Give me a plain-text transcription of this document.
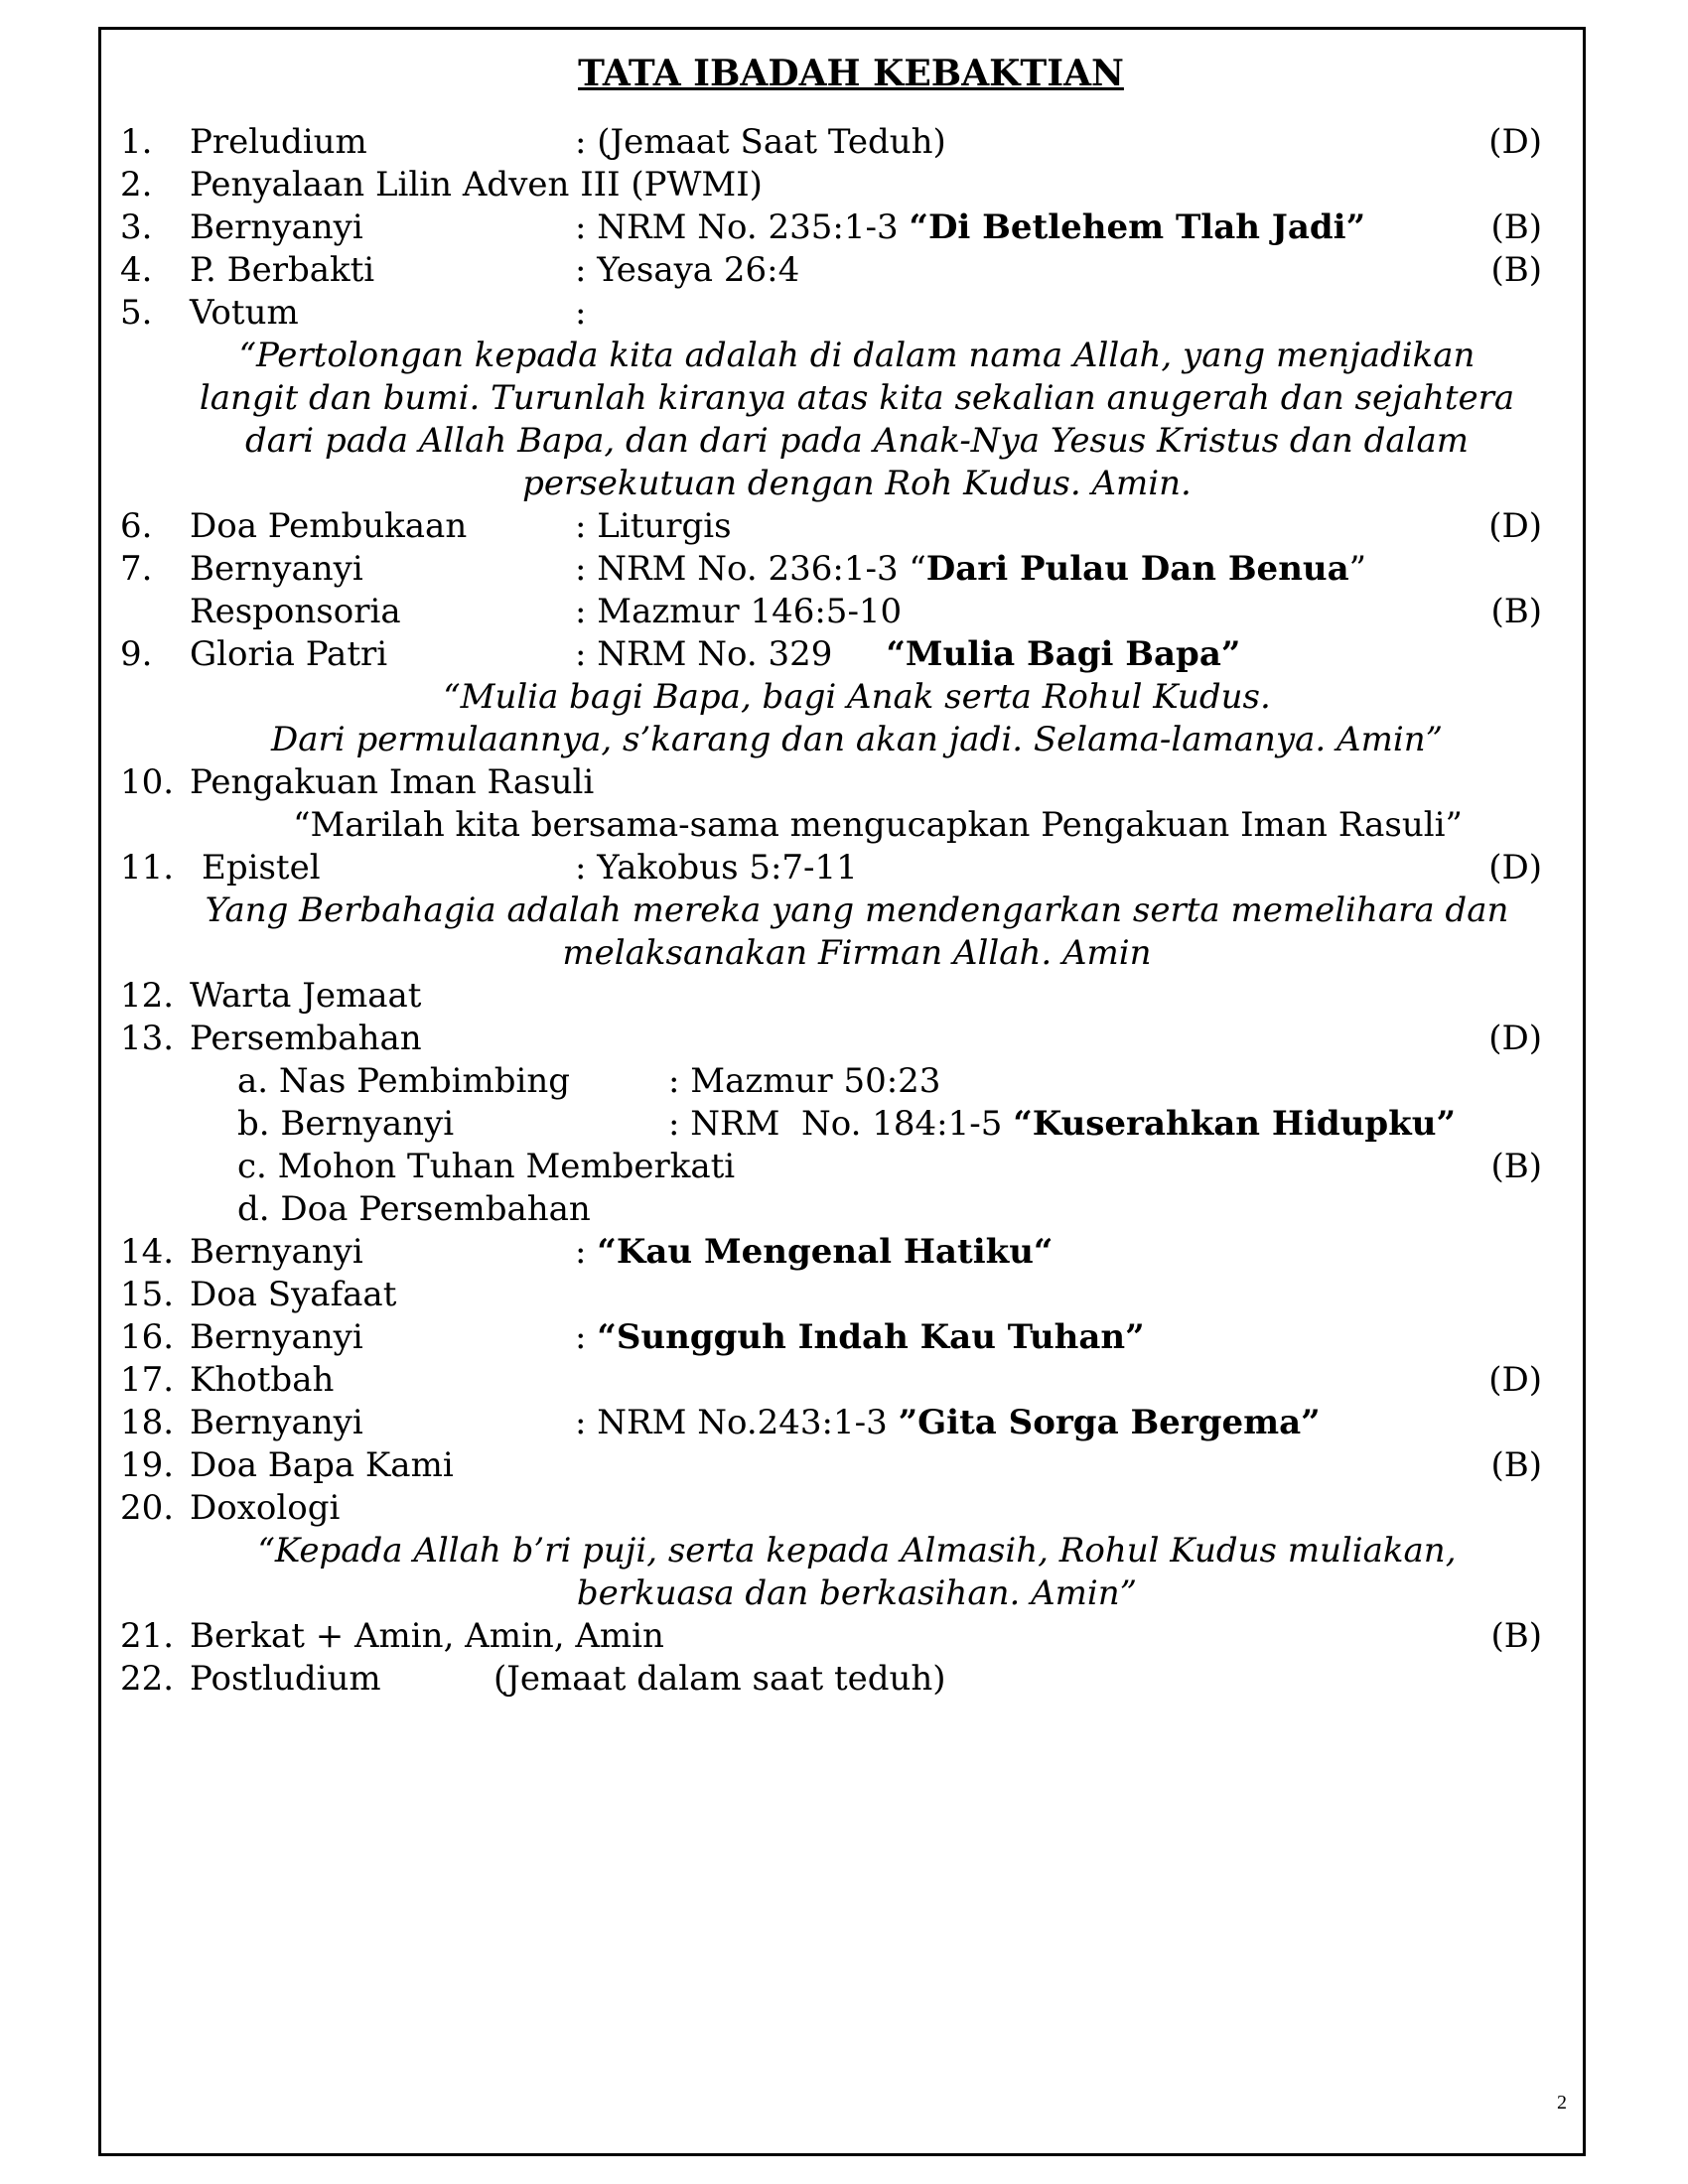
TATA IBADAH KEBAKTIAN
1. Preludium	: (Jemaat Saat Teduh)	(D)
2. Penyalaan Lilin Adven III (PWMI)
3. Bernyanyi	: NRM No. 235:1-3 “Di Betlehem Tlah Jadi”	(B)
4. P. Berbakti	: Yesaya 26:4	(B)
5. Votum	:
“Pertolongan kepada kita adalah di dalam nama Allah, yang menjadikan
langit dan bumi. Turunlah kiranya atas kita sekalian anugerah dan sejahtera
dari pada Allah Bapa, dan dari pada Anak-Nya Yesus Kristus dan dalam
persekutuan dengan Roh Kudus. Amin.
6. Doa Pembukaan	: Liturgis	(D)
7. Bernyanyi	: NRM No. 236:1-3 “Dari Pulau Dan Benua”
Responsoria	: Mazmur 146:5-10	(B)
9. Gloria Patri	: NRM No. 329 “Mulia Bagi Bapa”
“Mulia bagi Bapa, bagi Anak serta Rohul Kudus.
Dari permulaannya, s’karang dan akan jadi. Selama-lamanya. Amin”
10. Pengakuan Iman Rasuli
“Marilah kita bersama-sama mengucapkan Pengakuan Iman Rasuli”
11. Epistel	: Yakobus 5:7-11	(D)
Yang Berbahagia adalah mereka yang mendengarkan serta memelihara dan
melaksanakan Firman Allah. Amin
12. Warta Jemaat
13. Persembahan	(D)
a. Nas Pembimbing	: Mazmur 50:23
b. Bernyanyi	: NRM  No. 184:1-5 “Kuserahkan Hidupku”
c. Mohon Tuhan Memberkati	(B)
d. Doa Persembahan
14. Bernyanyi	: “Kau Mengenal Hatiku“
15. Doa Syafaat
16. Bernyanyi	: “Sungguh Indah Kau Tuhan”
17. Khotbah	(D)
18. Bernyanyi	: NRM No.243:1-3 ”Gita Sorga Bergema”
19. Doa Bapa Kami	(B)
20. Doxologi
“Kepada Allah b’ri puji, serta kepada Almasih, Rohul Kudus muliakan,
berkuasa dan berkasihan. Amin”
21. Berkat + Amin, Amin, Amin	(B)
22. Postludium	(Jemaat dalam saat teduh)
2
